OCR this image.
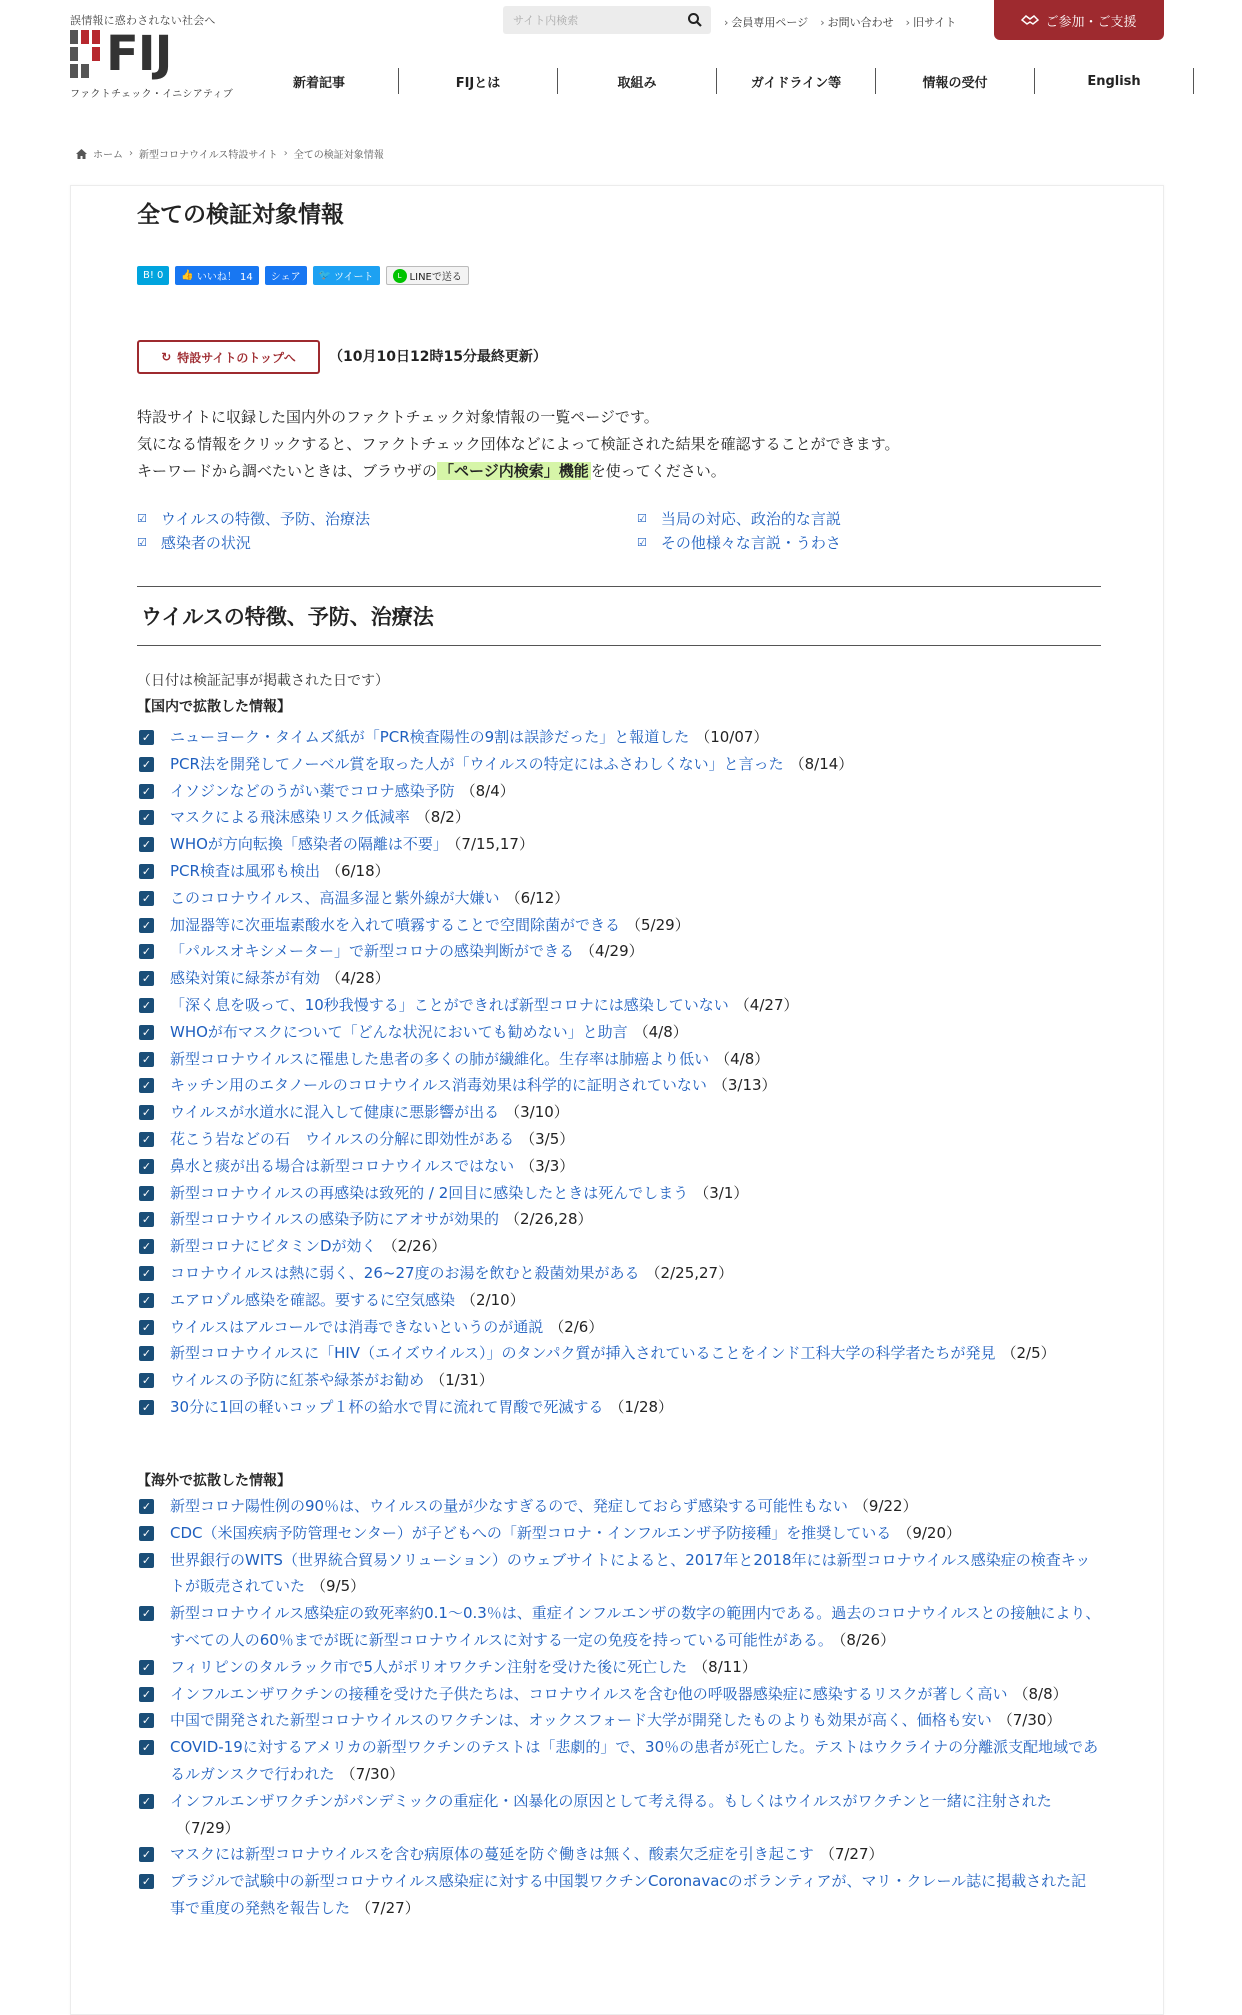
誤情報に惑わされない社会へ
FIJ
ファクトチェック・イニシアティブ
サイト内検索
› 会員専用ページ	› お問い合わせ	› 旧サイト	ご参加・ご支援
新着記事	FIJとは	取組み	ガイドライン等	情報の受付	English
ホーム › 新型コロナウイルス特設サイト › 全ての検証対象情報
全ての検証対象情報
B! 0	👍 いいね！ 14	シェア	🐦 ツイート	L LINEで送る
↻ 特設サイトのトップへ （10月10日12時15分最終更新）
特設サイトに収録した国内外のファクトチェック対象情報の一覧ページです。
気になる情報をクリックすると、ファクトチェック団体などによって検証された結果を確認することができます。
キーワードから調べたいときは、ブラウザの 「ページ内検索」機能 を使ってください。
☑ ウイルスの特徴、予防、治療法	☑ 当局の対応、政治的な言説
☑ 感染者の状況	☑ その他様々な言説・うわさ
ウイルスの特徴、予防、治療法
（日付は検証記事が掲載された日です）
【国内で拡散した情報】
✓ ニューヨーク・タイムズ紙が「PCR検査陽性の9割は誤診だった」と報道した （10/07）
✓ PCR法を開発してノーベル賞を取った人が「ウイルスの特定にはふさわしくない」と言った （8/14）
✓ イソジンなどのうがい薬でコロナ感染予防 （8/4）
✓ マスクによる飛沫感染リスク低減率 （8/2）
✓ WHOが方向転換「感染者の隔離は不要」 （7/15,17）
✓ PCR検査は風邪も検出 （6/18）
✓ このコロナウイルス、高温多湿と紫外線が大嫌い （6/12）
✓ 加湿器等に次亜塩素酸水を入れて噴霧することで空間除菌ができる （5/29）
✓ 「パルスオキシメーター」で新型コロナの感染判断ができる （4/29）
✓ 感染対策に緑茶が有効 （4/28）
✓ 「深く息を吸って、10秒我慢する」ことができれば新型コロナには感染していない （4/27）
✓ WHOが布マスクについて「どんな状況においても勧めない」と助言 （4/8）
✓ 新型コロナウイルスに罹患した患者の多くの肺が繊維化。生存率は肺癌より低い （4/8）
✓ キッチン用のエタノールのコロナウイルス消毒効果は科学的に証明されていない （3/13）
✓ ウイルスが水道水に混入して健康に悪影響が出る （3/10）
✓ 花こう岩などの石　ウイルスの分解に即効性がある （3/5）
✓ 鼻水と痰が出る場合は新型コロナウイルスではない （3/3）
✓ 新型コロナウイルスの再感染は致死的 / 2回目に感染したときは死んでしまう （3/1）
✓ 新型コロナウイルスの感染予防にアオサが効果的 （2/26,28）
✓ 新型コロナにビタミンDが効く （2/26）
✓ コロナウイルスは熱に弱く、26~27度のお湯を飲むと殺菌効果がある （2/25,27）
✓ エアロゾル感染を確認。要するに空気感染 （2/10）
✓ ウイルスはアルコールでは消毒できないというのが通説 （2/6）
✓ 新型コロナウイルスに「HIV（エイズウイルス）」のタンパク質が挿入されていることをインド工科大学の科学者たちが発見 （2/5）
✓ ウイルスの予防に紅茶や緑茶がお勧め （1/31）
✓ 30分に1回の軽いコップ１杯の給水で胃に流れて胃酸で死滅する （1/28）
【海外で拡散した情報】
✓ 新型コロナ陽性例の90％は、ウイルスの量が少なすぎるので、発症しておらず感染する可能性もない （9/22）
✓ CDC（米国疾病予防管理センター）が子どもへの「新型コロナ・インフルエンザ予防接種」を推奨している （9/20）
✓ 世界銀行のWITS（世界統合貿易ソリューション）のウェブサイトによると、2017年と2018年には新型コロナウイルス感染症の検査キットが販売されていた （9/5）
✓ 新型コロナウイルス感染症の致死率約0.1～0.3％は、重症インフルエンザの数字の範囲内である。過去のコロナウイルスとの接触により、すべての人の60％までが既に新型コロナウイルスに対する一定の免疫を持っている可能性がある。 （8/26）
✓ フィリピンのタルラック市で5人がポリオワクチン注射を受けた後に死亡した （8/11）
✓ インフルエンザワクチンの接種を受けた子供たちは、コロナウイルスを含む他の呼吸器感染症に感染するリスクが著しく高い （8/8）
✓ 中国で開発された新型コロナウイルスのワクチンは、オックスフォード大学が開発したものよりも効果が高く、価格も安い （7/30）
✓ COVID-19に対するアメリカの新型ワクチンのテストは「悲劇的」で、30％の患者が死亡した。テストはウクライナの分離派支配地域であるルガンスクで行われた （7/30）
✓ インフルエンザワクチンがパンデミックの重症化・凶暴化の原因として考え得る。もしくはウイルスがワクチンと一緒に注射された（7/29）
✓ マスクには新型コロナウイルスを含む病原体の蔓延を防ぐ働きは無く、酸素欠乏症を引き起こす （7/27）
✓ ブラジルで試験中の新型コロナウイルス感染症に対する中国製ワクチンCoronavacのボランティアが、マリ・クレール誌に掲載された記事で重度の発熱を報告した （7/27）
